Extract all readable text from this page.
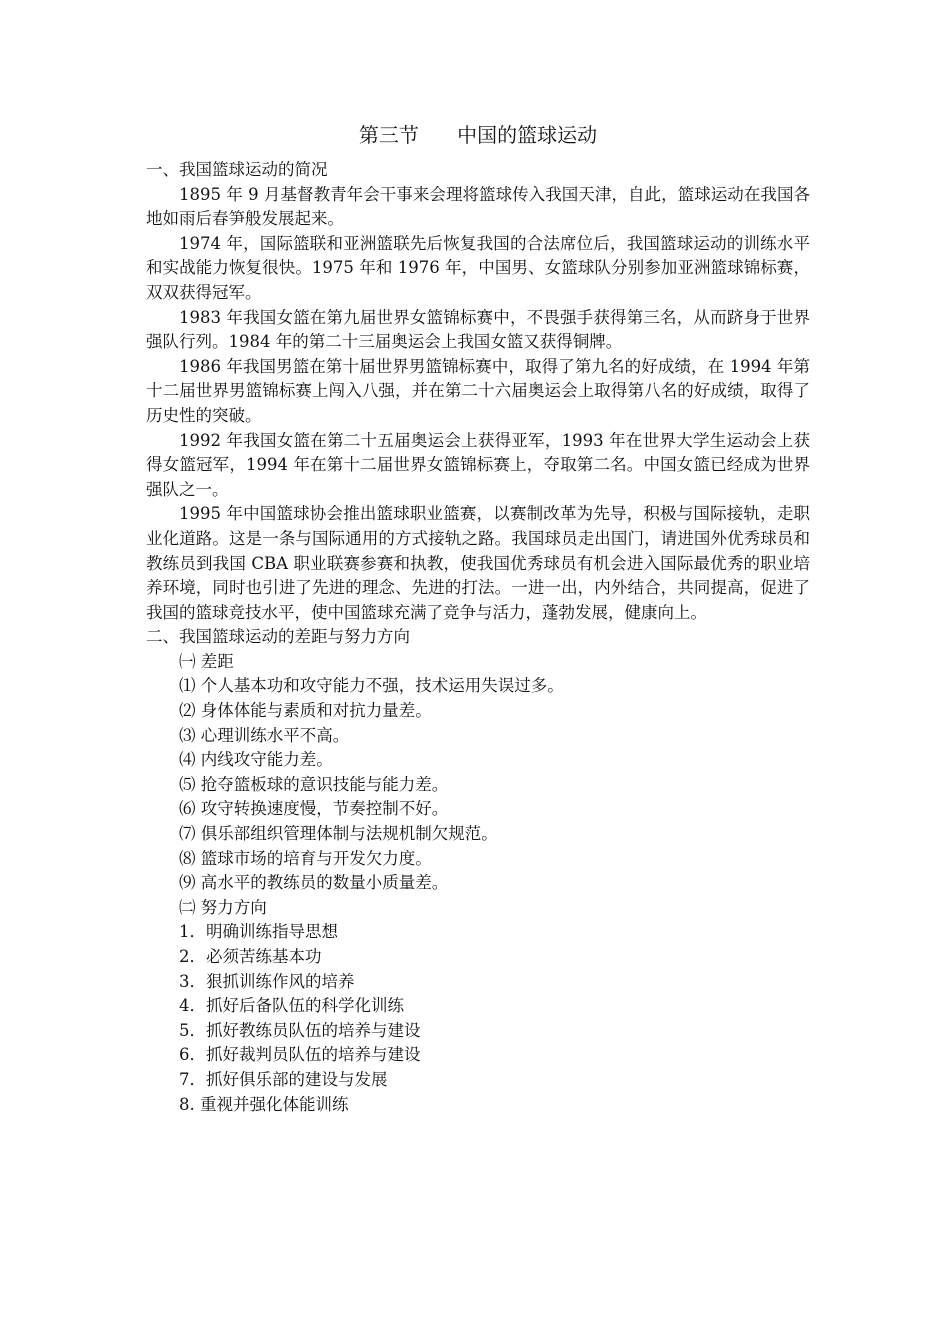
第三节      中国的篮球运动
一、我国篮球运动的简况

1895 年 9 月基督教青年会干事来会理将篮球传入我国天津，自此，篮球运动在我国各地如雨后春笋般发展起来。

1974 年，国际篮联和亚洲篮联先后恢复我国的合法席位后，我国篮球运动的训练水平和实战能力恢复很快。1975 年和 1976 年，中国男、女篮球队分别参加亚洲篮球锦标赛，双双获得冠军。

1983 年我国女篮在第九届世界女篮锦标赛中，不畏强手获得第三名，从而跻身于世界强队行列。1984 年的第二十三届奥运会上我国女篮又获得铜牌。

1986 年我国男篮在第十届世界男篮锦标赛中，取得了第九名的好成绩，在 1994 年第十二届世界男篮锦标赛上闯入八强，并在第二十六届奥运会上取得第八名的好成绩，取得了历史性的突破。

1992 年我国女篮在第二十五届奥运会上获得亚军，1993 年在世界大学生运动会上获得女篮冠军，1994 年在第十二届世界女篮锦标赛上，夺取第二名。中国女篮已经成为世界强队之一。

1995 年中国篮球协会推出篮球职业篮赛，以赛制改革为先导，积极与国际接轨，走职业化道路。这是一条与国际通用的方式接轨之路。我国球员走出国门，请进国外优秀球员和教练员到我国 CBA 职业联赛参赛和执教，使我国优秀球员有机会进入国际最优秀的职业培养环境，同时也引进了先进的理念、先进的打法。一进一出，内外结合，共同提高，促进了我国的篮球竞技水平，使中国篮球充满了竞争与活力，蓬勃发展，健康向上。

二、我国篮球运动的差距与努力方向
㈠ 差距
⑴ 个人基本功和攻守能力不强，技术运用失误过多。
⑵ 身体体能与素质和对抗力量差。
⑶ 心理训练水平不高。
⑷ 内线攻守能力差。
⑸ 抢夺篮板球的意识技能与能力差。
⑹ 攻守转换速度慢，节奏控制不好。
⑺ 俱乐部组织管理体制与法规机制欠规范。
⑻ 篮球市场的培育与开发欠力度。
⑼ 高水平的教练员的数量小质量差。
㈡ 努力方向
1．明确训练指导思想
2．必须苦练基本功
3．狠抓训练作风的培养
4．抓好后备队伍的科学化训练
5．抓好教练员队伍的培养与建设
6．抓好裁判员队伍的培养与建设
7．抓好俱乐部的建设与发展
8. 重视并强化体能训练
